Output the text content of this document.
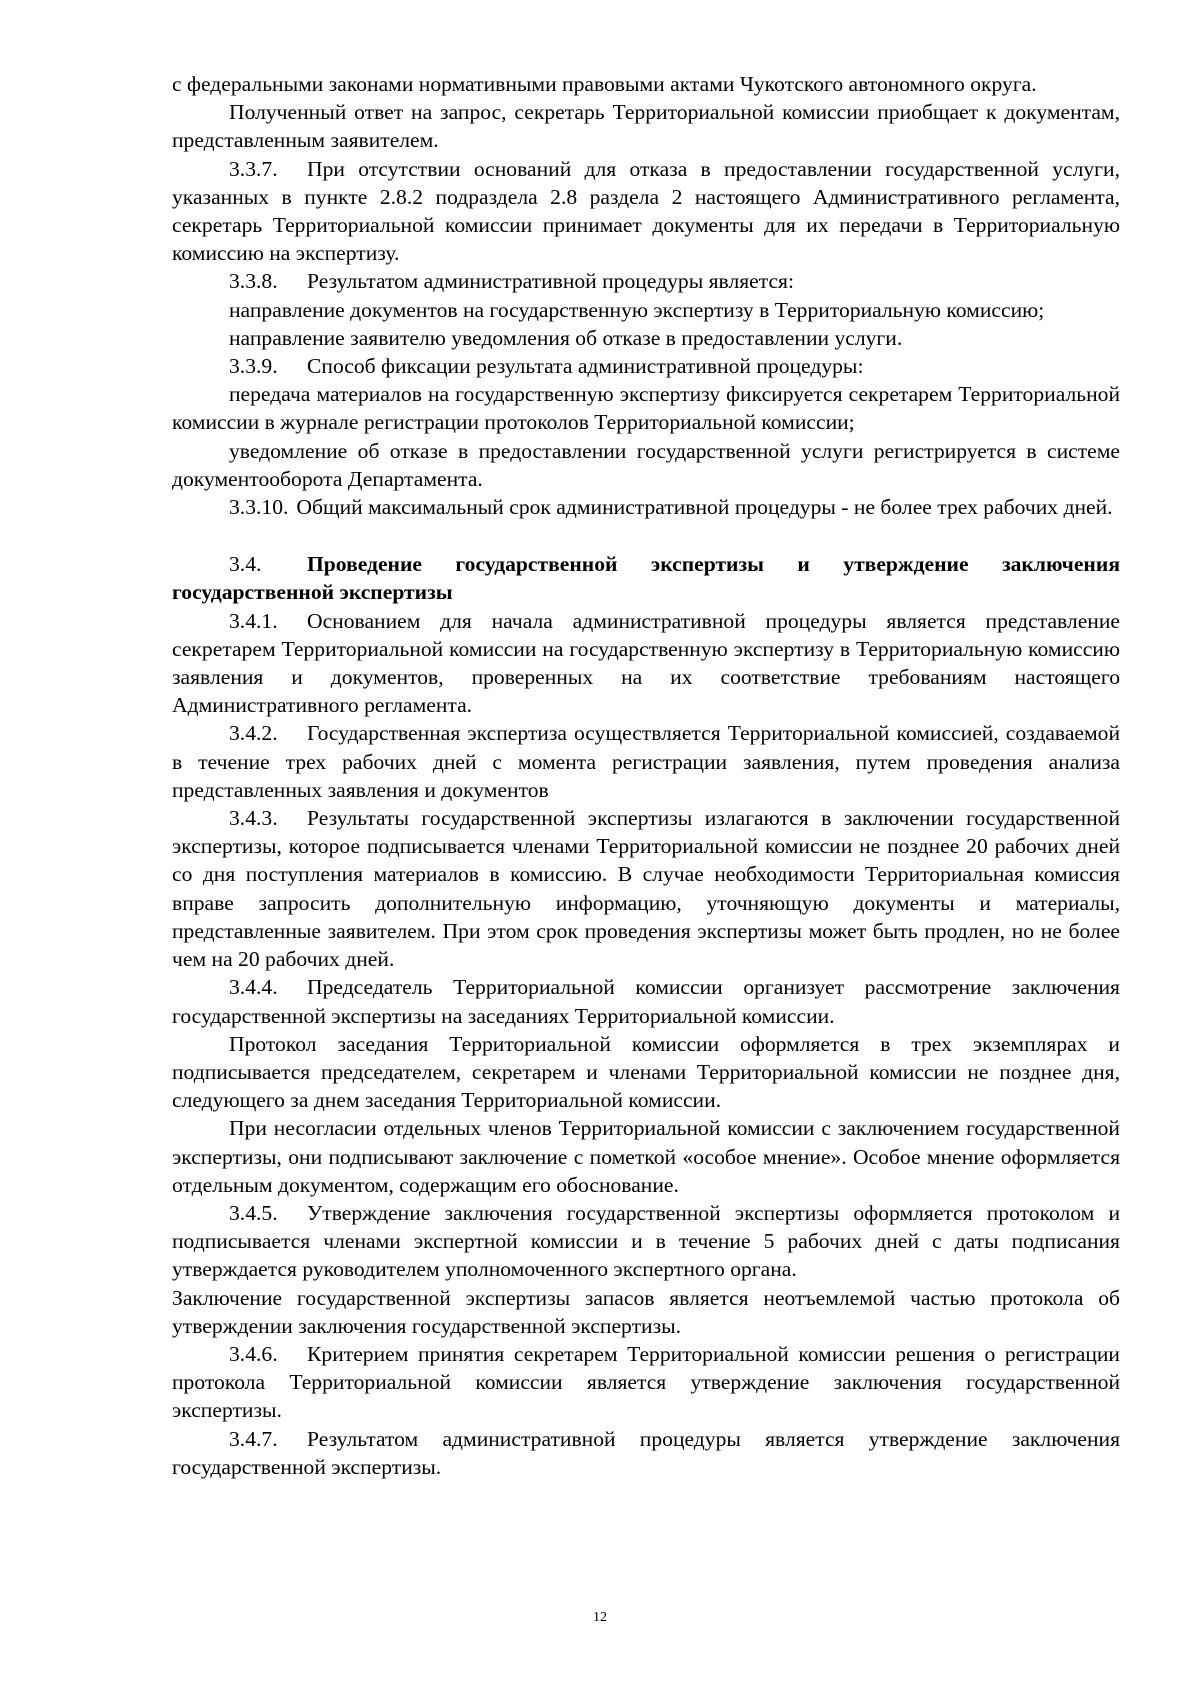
с федеральными законами нормативными правовыми актами Чукотского автономного округа.

Полученный ответ на запрос, секретарь Территориальной комиссии приобщает к документам, представленным заявителем.

3.3.7. При отсутствии оснований для отказа в предоставлении государственной услуги, указанных в пункте 2.8.2 подраздела 2.8 раздела 2 настоящего Административного регламента, секретарь Территориальной комиссии принимает документы для их передачи в Территориальную комиссию на экспертизу.

3.3.8. Результатом административной процедуры является:

направление документов на государственную экспертизу в Территориальную комиссию;

направление заявителю уведомления об отказе в предоставлении услуги.

3.3.9. Способ фиксации результата административной процедуры:

передача материалов на государственную экспертизу фиксируется секретарем Территориальной комиссии в журнале регистрации протоколов Территориальной комиссии;

уведомление об отказе в предоставлении государственной услуги регистрируется в системе документооборота Департамента.

3.3.10. Общий максимальный срок административной процедуры - не более трех рабочих дней.

3.4. Проведение государственной экспертизы и утверждение заключения государственной экспертизы

3.4.1. Основанием для начала административной процедуры является представление секретарем Территориальной комиссии на государственную экспертизу в Территориальную комиссию заявления и документов, проверенных на их соответствие требованиям настоящего Административного регламента.

3.4.2. Государственная экспертиза осуществляется Территориальной комиссией, создаваемой в течение трех рабочих дней с момента регистрации заявления, путем проведения анализа представленных заявления и документов

3.4.3. Результаты государственной экспертизы излагаются в заключении государственной экспертизы, которое подписывается членами Территориальной комиссии не позднее 20 рабочих дней со дня поступления материалов в комиссию. В случае необходимости Территориальная комиссия вправе запросить дополнительную информацию, уточняющую документы и материалы, представленные заявителем. При этом срок проведения экспертизы может быть продлен, но не более чем на 20 рабочих дней.

3.4.4. Председатель Территориальной комиссии организует рассмотрение заключения государственной экспертизы на заседаниях Территориальной комиссии.

Протокол заседания Территориальной комиссии оформляется в трех экземплярах и подписывается председателем, секретарем и членами Территориальной комиссии не позднее дня, следующего за днем заседания Территориальной комиссии.

При несогласии отдельных членов Территориальной комиссии с заключением государственной экспертизы, они подписывают заключение с пометкой «особое мнение». Особое мнение оформляется отдельным документом, содержащим его обоснование.

3.4.5. Утверждение заключения государственной экспертизы оформляется протоколом и подписывается членами экспертной комиссии и в течение 5 рабочих дней с даты подписания утверждается руководителем уполномоченного экспертного органа.

Заключение государственной экспертизы запасов является неотъемлемой частью протокола об утверждении заключения государственной экспертизы.

3.4.6. Критерием принятия секретарем Территориальной комиссии решения о регистрации протокола Территориальной комиссии является утверждение заключения государственной экспертизы.

3.4.7. Результатом административной процедуры является утверждение заключения государственной экспертизы.

12
